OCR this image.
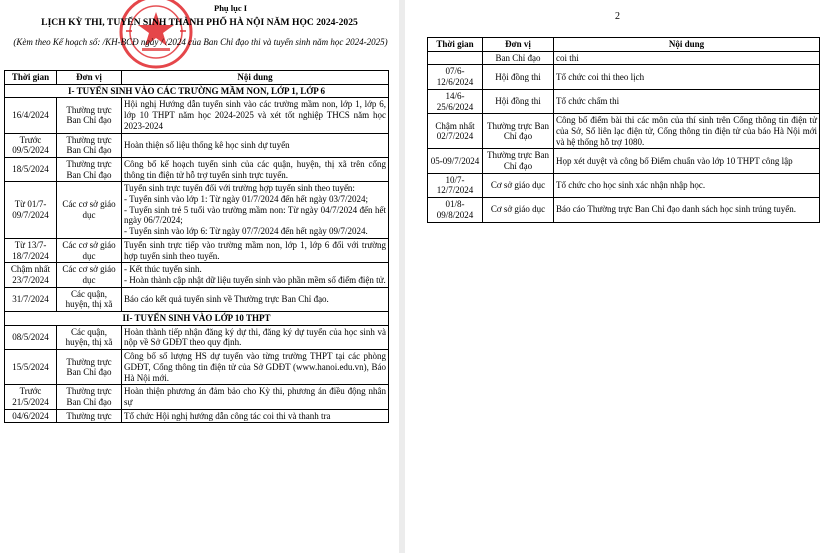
Phụ lục I
LỊCH KỲ THI, TUYỂN SINH THÀNH PHỐ HÀ NỘI NĂM HỌC 2024-2025
(Kèm theo Kế hoạch số: /KH-BCĐ ngày / /2024 của Ban Chỉ đạo thi và tuyển sinh năm học 2024-2025)
Thời gian	Đơn vị	Nội dung
I- TUYỂN SINH VÀO CÁC TRƯỜNG MẦM NON, LỚP 1, LỚP 6		
16/4/2024	Thường trực Ban Chỉ đạo	Hội nghị Hướng dẫn tuyển sinh vào các trường mầm non, lớp 1, lớp 6, lớp 10 THPT năm học 2024-2025 và xét tốt nghiệp THCS năm học 2023-2024

Trước 09/5/2024	Thường trực Ban Chỉ đạo	Hoàn thiện số liệu thống kê học sinh dự tuyển

18/5/2024	Thường trực Ban Chỉ đạo	Công bố kế hoạch tuyển sinh của các quận, huyện, thị xã trên cổng thông tin điện tử hỗ trợ tuyển sinh trực tuyến.

Từ 01/7-09/7/2024	Các cơ sở giáo dục	Tuyển sinh trực tuyến đối với trường hợp tuyển sinh theo tuyến:
- Tuyển sinh vào lớp 1: Từ ngày 01/7/2024 đến hết ngày 03/7/2024;
- Tuyển sinh trẻ 5 tuổi vào trường mầm non: Từ ngày 04/7/2024 đến hết ngày 06/7/2024;
- Tuyển sinh vào lớp 6: Từ ngày 07/7/2024 đến hết ngày 09/7/2024.

Từ 13/7-18/7/2024	Các cơ sở giáo dục	Tuyển sinh trực tiếp vào trường mầm non, lớp 1, lớp 6 đối với trường hợp tuyển sinh theo tuyến.

Chậm nhất 23/7/2024	Các cơ sở giáo dục	- Kết thúc tuyển sinh.
- Hoàn thành cập nhật dữ liệu tuyển sinh vào phần mềm số điểm điện tử.

31/7/2024	Các quận, huyện, thị xã	Báo cáo kết quả tuyển sinh về Thường trực Ban Chỉ đạo.

II- TUYỂN SINH VÀO LỚP 10 THPT		
08/5/2024	Các quận, huyện, thị xã	Hoàn thành tiếp nhận đăng ký dự thi, đăng ký dự tuyển của học sinh và nộp về Sở GDĐT theo quy định.

15/5/2024	Thường trực Ban Chỉ đạo	Công bố số lượng HS dự tuyển vào từng trường THPT tại các phòng GDĐT, Cổng thông tin điện tử của Sở GDĐT (www.hanoi.edu.vn), Báo Hà Nội mới.

Trước 21/5/2024	Thường trực Ban Chỉ đạo	Hoàn thiện phương án đảm bảo cho Kỳ thi, phương án điều động nhân sự

04/6/2024	Thường trực	Tổ chức Hội nghị hướng dẫn công tác coi thi và thanh tra
2
Thời gian	Đơn vị	Nội dung
	Ban Chỉ đạo	coi thi

07/6-12/6/2024	Hội đồng thi	Tổ chức coi thi theo lịch

14/6-25/6/2024	Hội đồng thi	Tổ chức chấm thi

Chậm nhất 02/7/2024	Thường trực Ban Chỉ đạo	Công bố điểm bài thi các môn của thí sinh trên Cổng thông tin điện tử của Sở, Sổ liên lạc điện tử, Cổng thông tin điện tử của báo Hà Nội mới và hệ thống hỗ trợ 1080.

05-09/7/2024	Thường trực Ban Chỉ đạo	Họp xét duyệt và công bố Điểm chuẩn vào lớp 10 THPT công lập

10/7-12/7/2024	Cơ sở giáo dục	Tổ chức cho học sinh xác nhận nhập học.

01/8-09/8/2024	Cơ sở giáo dục	Báo cáo Thường trực Ban Chỉ đạo danh sách học sinh trúng tuyển.
